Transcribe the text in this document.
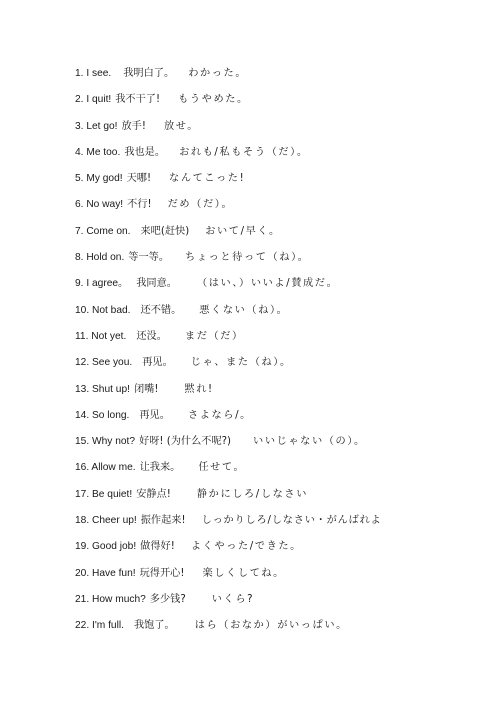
1. I see. 我明白了。 わかった。
2. I quit! 我不干了! もうやめた。
3. Let go! 放手! 放せ。
4. Me too. 我也是。 おれも/私もそう（だ）。
5. My god! 天哪! なんてこった!
6. No way! 不行! だめ（だ）。
7. Come on. 来吧(赶快) おいて/早く。
8. Hold on. 等一等。 ちょっと待って（ね）。
9. I agree。 我同意。 （はい、）いいよ/賛成だ。
10. Not bad. 还不错。 悪くない（ね）。
11. Not yet. 还没。 まだ（だ）
12. See you. 再见。 じゃ、また（ね）。
13. Shut up! 闭嘴!	黙れ!
14. So long. 再见。 さよなら/。
15. Why not? 好呀! (为什么不呢?) いいじゃない（の）。
16. Allow me. 让我来。 任せて。
17. Be quiet! 安静点!	静かにしろ/しなさい
18. Cheer up! 振作起来! しっかりしろ/しなさい・がんばれよ
19. Good job! 做得好! よくやった/できた。
20. Have fun! 玩得开心! 楽しくしてね。
21. How much? 多少钱?	いくら?
22. I'm full. 我饱了。 はら（おなか）がいっぱい。
